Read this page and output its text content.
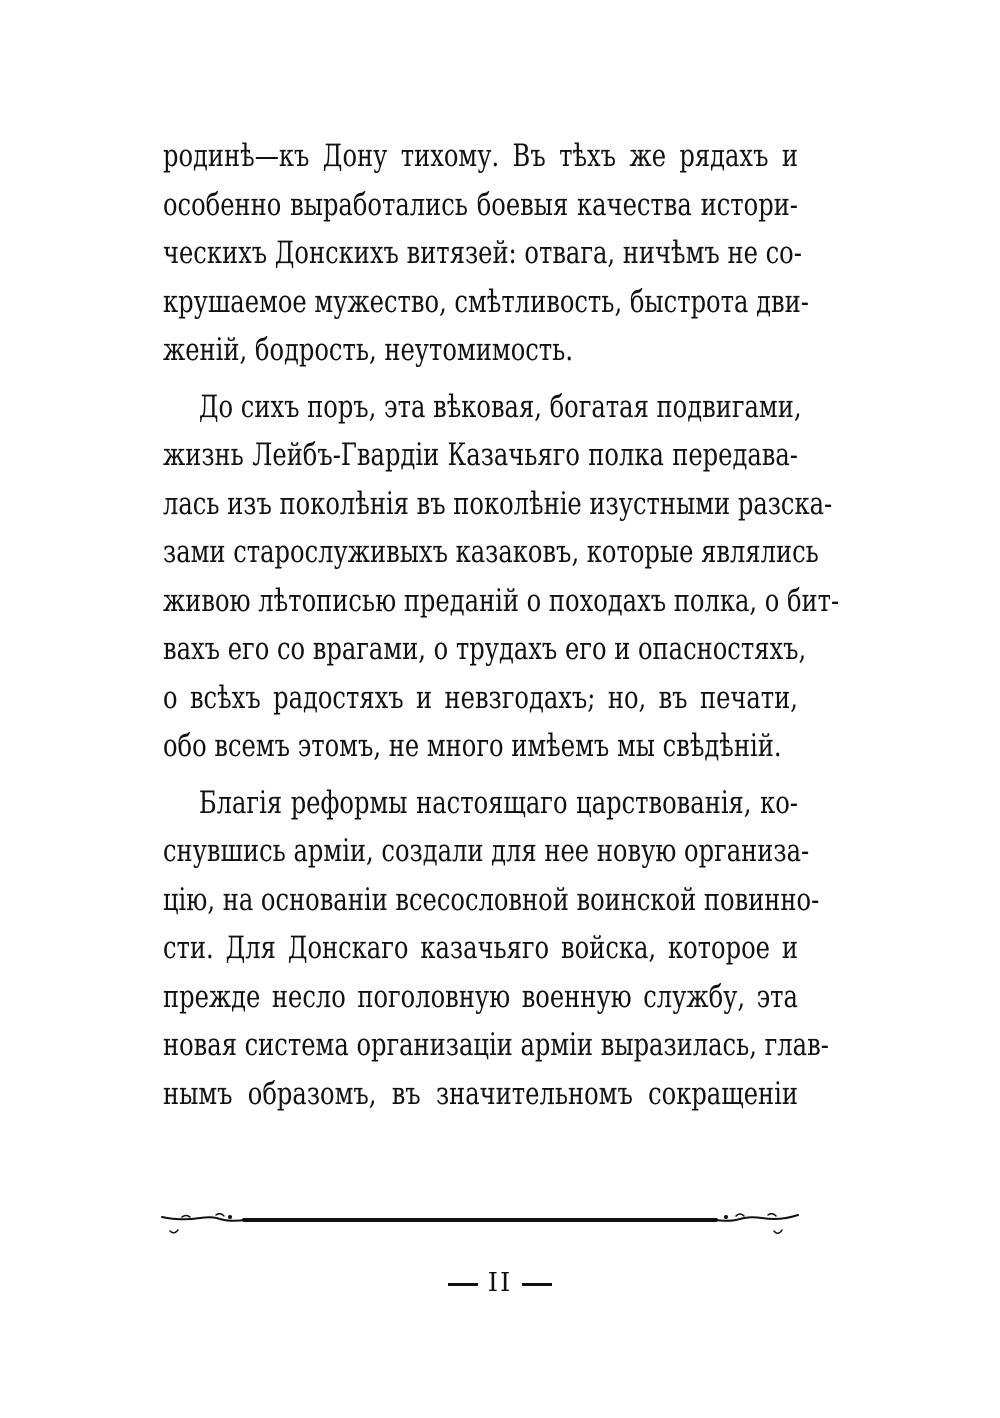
родинѣ—къ Дону тихому. Въ тѣхъ же рядахъ и
особенно выработались боевыя качества истори-
ческихъ Донскихъ витязей: отвага, ничѣмъ не со-
крушаемое мужество, смѣтливость, быстрота дви-
женій, бодрость, неутомимость.
До сихъ поръ, эта вѣковая, богатая подвигами,
жизнь Лейбъ-Гвардіи Казачьяго полка передава-
лась изъ поколѣнія въ поколѣніе изустными разска-
зами старослуживыхъ казаковъ, которые являлись
живою лѣтописью преданій о походахъ полка, о бит-
вахъ его со врагами, о трудахъ его и опасностяхъ,
о всѣхъ радостяхъ и невзгодахъ; но, въ печати,
обо всемъ этомъ, не много имѣемъ мы свѣдѣній.
Благія реформы настоящаго царствованія, ко-
снувшись арміи, создали для нее новую организа-
цію, на основаніи всесословной воинской повинно-
сти. Для Донскаго казачьяго войска, которое и
прежде несло поголовную военную службу, эта
новая система организаціи арміи выразилась, глав-
нымъ образомъ, въ значительномъ сокращеніи
II
